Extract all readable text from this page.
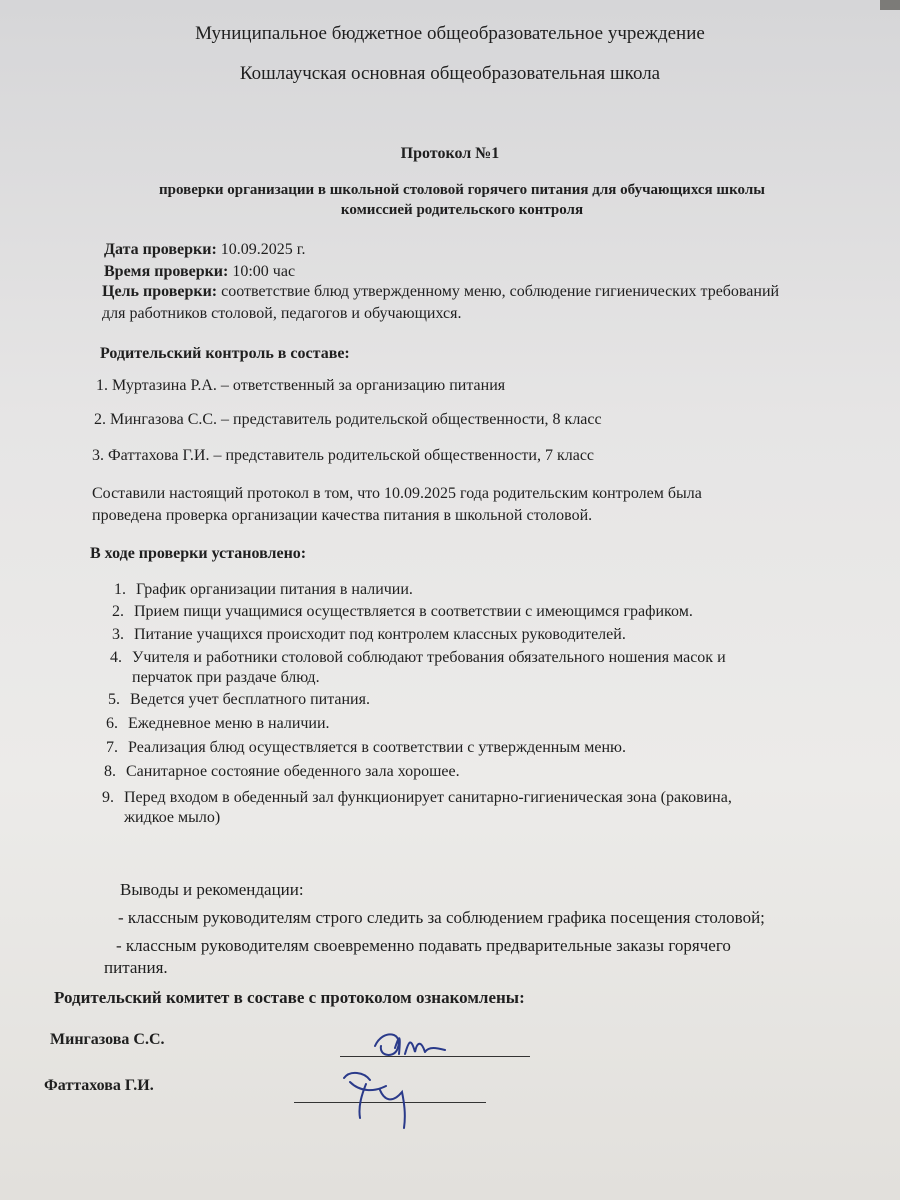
Муниципальное бюджетное общеобразовательное учреждение
Кошлаучская основная общеобразовательная школа
Протокол №1
проверки организации в школьной столовой горячего питания для обучающихся школы
комиссией родительского контроля
Дата проверки: 10.09.2025 г.
Время проверки: 10:00 час
Цель проверки: соответствие блюд утвержденному меню, соблюдение гигиенических требований
для работников столовой, педагогов и обучающихся.
Родительский контроль в составе:
1. Муртазина Р.А. – ответственный за организацию питания
2. Мингазова С.С. – представитель родительской общественности, 8 класс
3. Фаттахова Г.И. – представитель родительской общественности, 7 класс
Составили настоящий протокол в том, что 10.09.2025 года родительским контролем была
проведена проверка организации качества питания в школьной столовой.
В ходе проверки установлено:
1. График организации питания в наличии.
2. Прием пищи учащимися осуществляется в соответствии с имеющимся графиком.
3. Питание учащихся происходит под контролем классных руководителей.
4. Учителя и работники столовой соблюдают требования обязательного ношения масок и
перчаток при раздаче блюд.
5. Ведется учет бесплатного питания.
6. Ежедневное меню в наличии.
7. Реализация блюд осуществляется в соответствии с утвержденным меню.
8. Санитарное состояние обеденного зала хорошее.
9. Перед входом в обеденный зал функционирует санитарно-гигиеническая зона (раковина,
жидкое мыло)
Выводы и рекомендации:
- классным руководителям строго следить за соблюдением графика посещения столовой;
- классным руководителям своевременно подавать предварительные заказы горячего
питания.
Родительский комитет в составе с протоколом ознакомлены:
Мингазова С.С.
Фаттахова Г.И.
